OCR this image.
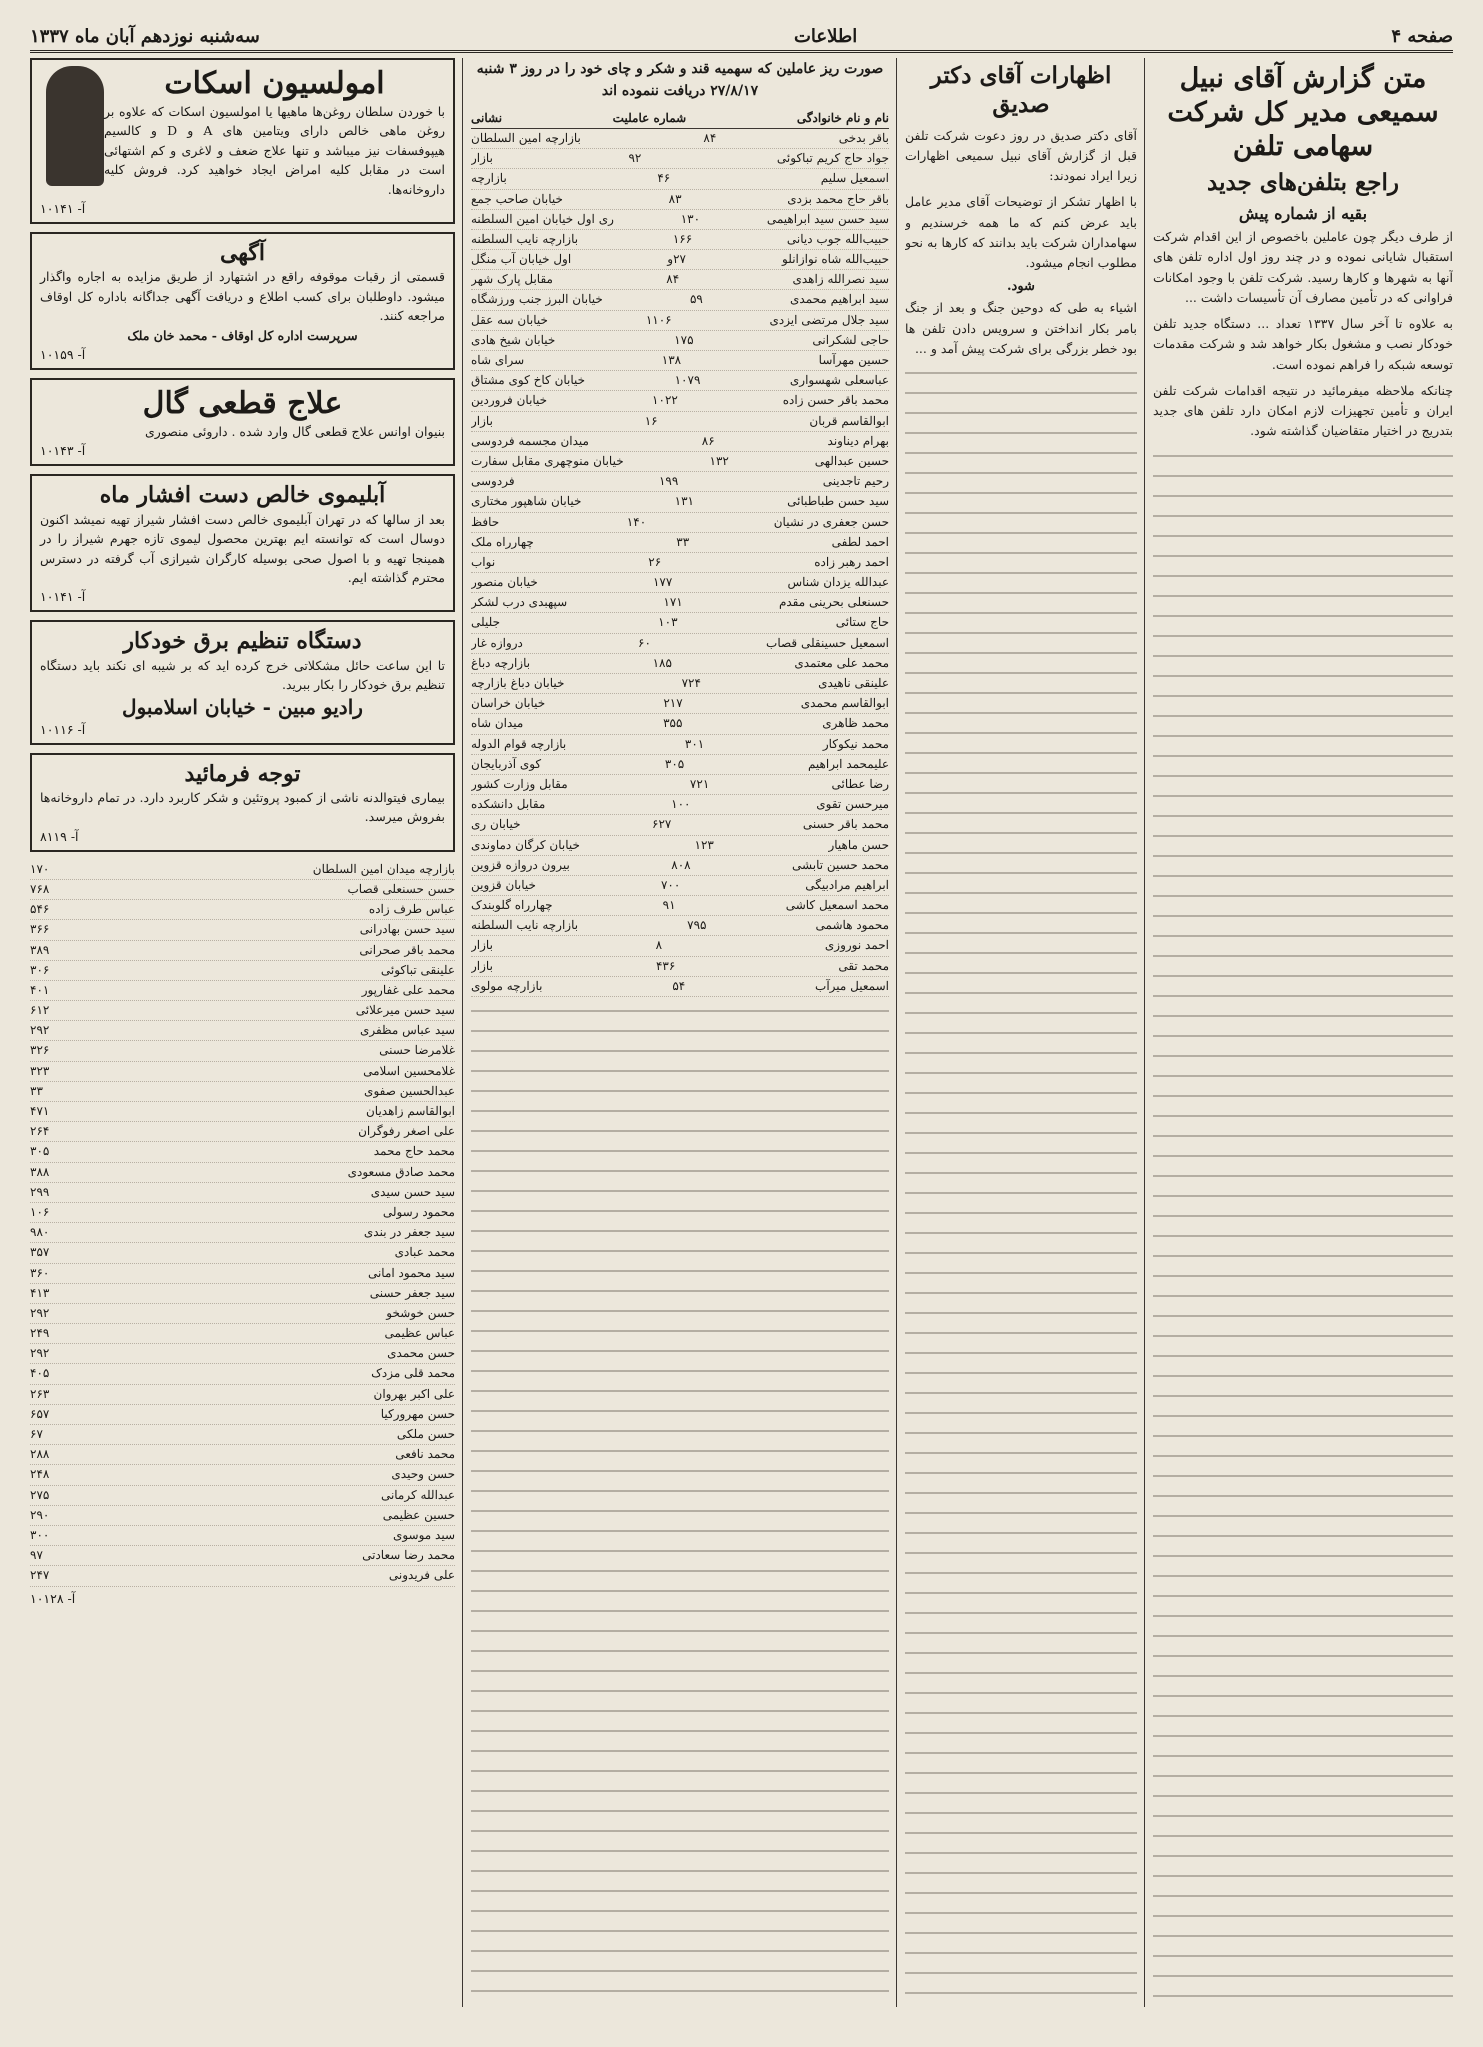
صفحه ۴
اطلاعات
سه‌شنبه نوزدهم آبان ماه ۱۳۳۷
متن گزارش آقای نبیل سمیعی مدیر کل شرکت سهامی تلفن
راجع بتلفن‌های جدید
بقیه از شماره پیش

از طرف دیگر چون عاملین باخصوص از این اقدام شرکت استقبال شایانی نموده و در چند روز اول اداره تلفن های آنها به شهرها و کارها رسید. شرکت تلفن با وجود امکانات فراوانی که در تأمین مصارف آن تأسیسات داشت ...

به علاوه تا آخر سال ۱۳۳۷ تعداد ... دستگاه جدید تلفن خودکار نصب و مشغول بکار خواهد شد و شرکت مقدمات توسعه شبکه را فراهم نموده است.

چنانکه ملاحظه میفرمائید در نتیجه اقدامات شرکت تلفن ایران و تأمین تجهیزات لازم امکان دارد تلفن های جدید بتدریج در اختیار متقاضیان گذاشته شود.

اظهارات آقای دکتر صدیق

آقای دکتر صدیق در روز دعوت شرکت تلفن قبل از گزارش آقای نبیل سمیعی اظهارات زیرا ایراد نمودند:

با اظهار تشکر از توضیحات آقای مدیر عامل باید عرض کنم که ما همه خرسندیم و سهامداران شرکت باید بدانند که کارها به نحو مطلوب انجام میشود.

شود.

اشیاء به طی که دوحین جنگ و بعد از جنگ بامر بکار انداختن و سرویس دادن تلفن ها بود خطر بزرگی برای شرکت پیش آمد و ...

صورت ریز عاملین که سهمیه قند و شکر و چای خود را در روز ۳ شنبه ۲۷/۸/۱۷ دریافت ننموده اند
نام و نام خانوادگی
شماره عاملیت
نشانی
باقر بدخی
۸۴
بازارچه امین السلطان
جواد حاج کریم تباکوئی
۹۲
بازار
اسمعیل سلیم
۴۶
بازارچه
باقر حاج محمد بزدی
۸۳
خیابان صاحب جمع
سید حسن سید ابراهیمی
۱۳۰
ری اول خیابان امین السلطنه
حبیب‌الله جوب دیانی
۱۶۶
بازارچه نایب السلطنه
حبیب‌الله شاه نوازانلو
۲۷و
اول خیابان آب منگل
سید نصرالله زاهدی
۸۴
مقابل پارک شهر
سید ابراهیم محمدی
۵۹
خیابان البرز جنب ورزشگاه
سید جلال مرتضی ایزدی
۱۱۰۶
خیابان سه عقل
حاجی لشکرانی
۱۷۵
خیابان شیخ هادی
حسین مهرآسا
۱۳۸
سرای شاه
عباسعلی شهسواری
۱۰۷۹
خیابان کاخ کوی مشتاق
محمد باقر حسن زاده
۱۰۲۲
خیابان فروردین
ابوالقاسم قربان
۱۶
بازار
بهرام دیناوند
۸۶
میدان مجسمه فردوسی
حسین عبدالهی
۱۳۲
خیابان منوچهری مقابل سفارت
رحیم تاجدینی
۱۹۹
فردوسی
سید حسن طباطبائی
۱۳۱
خیابان شاهپور مختاری
حسن جعفری در نشیان
۱۴۰
حافظ
احمد لطفی
۳۳
چهارراه ملک
احمد رهبر زاده
۲۶
نواب
عبدالله یزدان شناس
۱۷۷
خیابان منصور
حسنعلی بحرینی مقدم
۱۷۱
سپهبدی درب لشکر
حاج ستائی
۱۰۳
جلیلی
اسمعیل حسینقلی قصاب
۶۰
دروازه غار
محمد علی معتمدی
۱۸۵
بازارچه دباغ
علینقی ناهیدی
۷۲۴
خیابان دباغ بازارچه
ابوالقاسم محمدی
۲۱۷
خیابان خراسان
محمد ظاهری
۳۵۵
میدان شاه
محمد نیکوکار
۳۰۱
بازارچه قوام الدوله
علیمحمد ابراهیم
۳۰۵
کوی آذربایجان
رضا عطائی
۷۲۱
مقابل وزارت کشور
میرحسن تقوی
۱۰۰
مقابل دانشکده
محمد باقر حسنی
۶۲۷
خیابان ری
حسن ماهیار
۱۲۳
خیابان کرگان دماوندی
محمد حسین تابشی
۸۰۸
بیرون دروازه قزوین
ابراهیم مرادبیگی
۷۰۰
خیابان قزوین
محمد اسمعیل کاشی
۹۱
چهارراه گلوبندک
محمود هاشمی
۷۹۵
بازارچه نایب السلطنه
احمد نوروزی
۸
بازار
محمد تقی
۴۳۶
بازار
اسمعیل میرآب
۵۴
بازارچه مولوی
امولسیون اسکات
با خوردن سلطان روغن‌ها ماهیها یا امولسیون اسکات که علاوه بر روغن ماهی خالص دارای ویتامین های A و D و کالسیم هیپوفسفات نیز میباشد و تنها علاج ضعف و لاغری و کم اشتهائی است در مقابل کلیه امراض ایجاد خواهید کرد. فروش کلیه داروخانه‌ها.
آ- ۱۰۱۴۱
آگهی
قسمتی از رقبات موقوفه راقع در اشتهارد از طریق مزایده به اجاره واگذار میشود. داوطلبان برای کسب اطلاع و دریافت آگهی جداگانه باداره کل اوقاف مراجعه کنند.
سرپرست اداره کل اوقاف - محمد خان ملک
آ- ۱۰۱۵۹
علاج قطعی گال
بنیوان اوانس علاج قطعی گال وارد شده . داروئی منصوری
آ- ۱۰۱۴۳
آبلیموی خالص دست افشار ماه
بعد از سالها که در تهران آبلیموی خالص دست افشار شیراز تهیه نمیشد اکنون دوسال است که توانسته ایم بهترین محصول لیموی تازه جهرم شیراز را در همینجا تهیه و با اصول صحی بوسیله کارگران شیرازی آب گرفته در دسترس محترم گذاشته ایم.
آ- ۱۰۱۴۱
دستگاه تنظیم برق خودکار
تا این ساعت حائل مشکلاتی خرج کرده اید که بر شیبه ای نکند باید دستگاه تنظیم برق خودکار را بکار ببرید.
رادیو مبین - خیابان اسلامبول
آ- ۱۰۱۱۶
توجه فرمائید
بیماری فیتوالدنه ناشی از کمبود پروتئین و شکر کاربرد دارد. در تمام داروخانه‌ها بفروش میرسد.
آ- ۸۱۱۹
بازارچه میدان امین السلطان
۱۷۰
حسن حسنعلی قصاب
۷۶۸
عباس طرف زاده
۵۴۶
سید حسن بهادرانی
۳۶۶
محمد باقر صحرانی
۳۸۹
علینقی تباکوئی
۳۰۶
محمد علی غفارپور
۴۰۱
سید حسن میرعلائی
۶۱۲
سید عباس مظفری
۲۹۲
غلامرضا حسنی
۳۲۶
غلامحسین اسلامی
۳۲۳
عبدالحسین صفوی
۳۳
ابوالقاسم زاهدیان
۴۷۱
علی اصغر رفوگران
۲۶۴
محمد حاج محمد
۳۰۵
محمد صادق مسعودی
۳۸۸
سید حسن سیدی
۲۹۹
محمود رسولی
۱۰۶
سید جعفر در بندی
۹۸۰
محمد عبادی
۳۵۷
سید محمود امانی
۳۶۰
سید جعفر حسنی
۴۱۳
حسن خوشخو
۲۹۲
عباس عظیمی
۲۴۹
حسن محمدی
۲۹۲
محمد قلی مزدک
۴۰۵
علی اکبر بهروان
۲۶۳
حسن مهرورکیا
۶۵۷
حسن ملکی
۶۷
محمد نافعی
۲۸۸
حسن وحیدی
۲۴۸
عبدالله کرمانی
۲۷۵
حسین عظیمی
۲۹۰
سید موسوی
۳۰۰
محمد رضا سعادتی
۹۷
علی فریدونی
۲۴۷
آ- ۱۰۱۲۸
